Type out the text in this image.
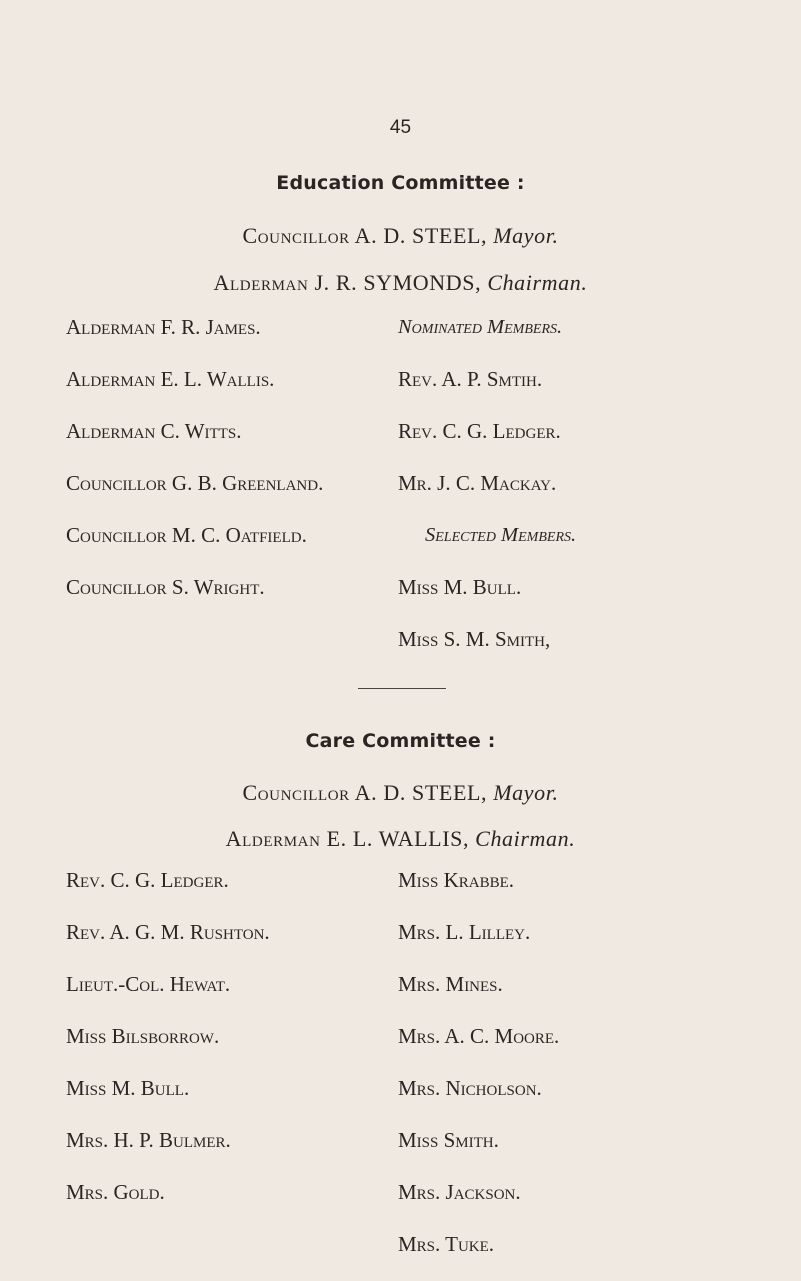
45
Education Committee :
Councillor A. D. STEEL, Mayor.
Alderman J. R. SYMONDS, Chairman.
Alderman F. R. James.
Alderman E. L. Wallis.
Alderman C. Witts.
Councillor G. B. Greenland.
Councillor M. C. Oatfield.
Councillor S. Wright.
Nominated Members.
Rev. A. P. Smtih.
Rev. C. G. Ledger.
Mr. J. C. Mackay.
Selected Members.
Miss M. Bull.
Miss S. M. Smith,
Care Committee :
Councillor A. D. STEEL, Mayor.
Alderman E. L. WALLIS, Chairman.
Rev. C. G. Ledger.
Rev. A. G. M. Rushton.
Lieut.-Col. Hewat.
Miss Bilsborrow.
Miss M. Bull.
Mrs. H. P. Bulmer.
Mrs. Gold.
Miss Krabbe.
Mrs. L. Lilley.
Mrs. Mines.
Mrs. A. C. Moore.
Mrs. Nicholson.
Miss Smith.
Mrs. Jackson.
Mrs. Tuke.
